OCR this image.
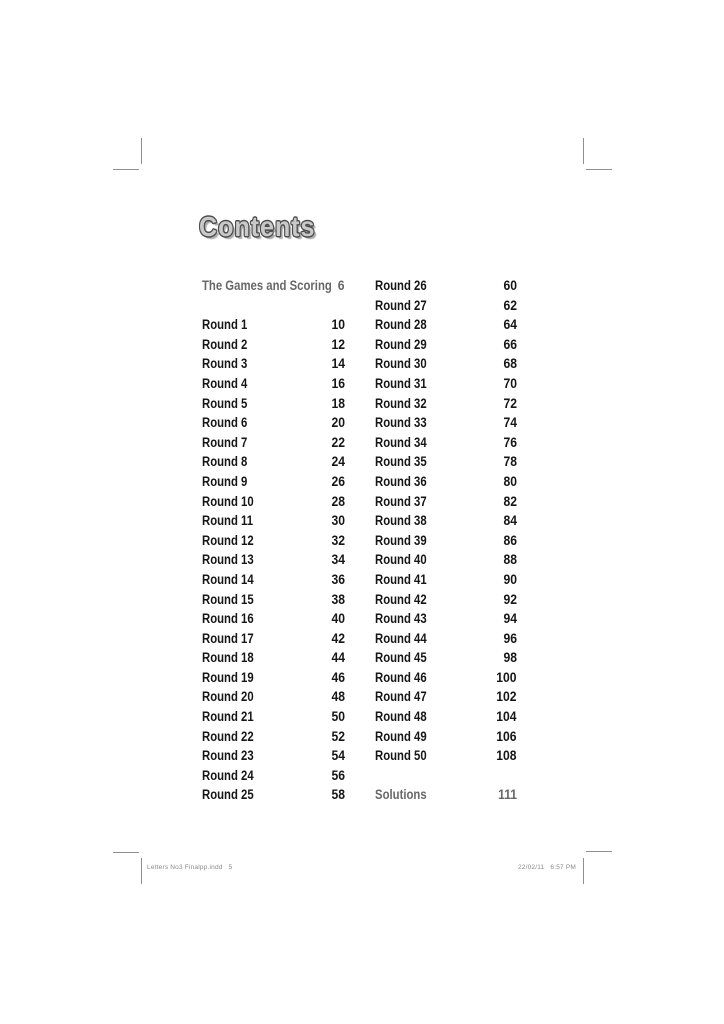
Contents
The Games and Scoring 6 Round 26	60
Round 27	62
Round 1	10 Round 28	64
Round 2	12 Round 29	66
Round 3	14 Round 30	68
Round 4	16 Round 31	70
Round 5	18 Round 32	72
Round 6	20 Round 33	74
Round 7	22 Round 34	76
Round 8	24 Round 35	78
Round 9	26 Round 36	80
Round 10	28 Round 37	82
Round 11	30 Round 38	84
Round 12	32 Round 39	86
Round 13	34 Round 40	88
Round 14	36 Round 41	90
Round 15	38 Round 42	92
Round 16	40 Round 43	94
Round 17	42 Round 44	96
Round 18	44 Round 45	98
Round 19	46 Round 46	100
Round 20	48 Round 47	102
Round 21	50 Round 48	104
Round 22	52 Round 49	106
Round 23	54 Round 50	108
Round 24	56
Round 25	58 Solutions	111
Letters No3 Finalpp.indd   5	22/02/11   6:57 PM
